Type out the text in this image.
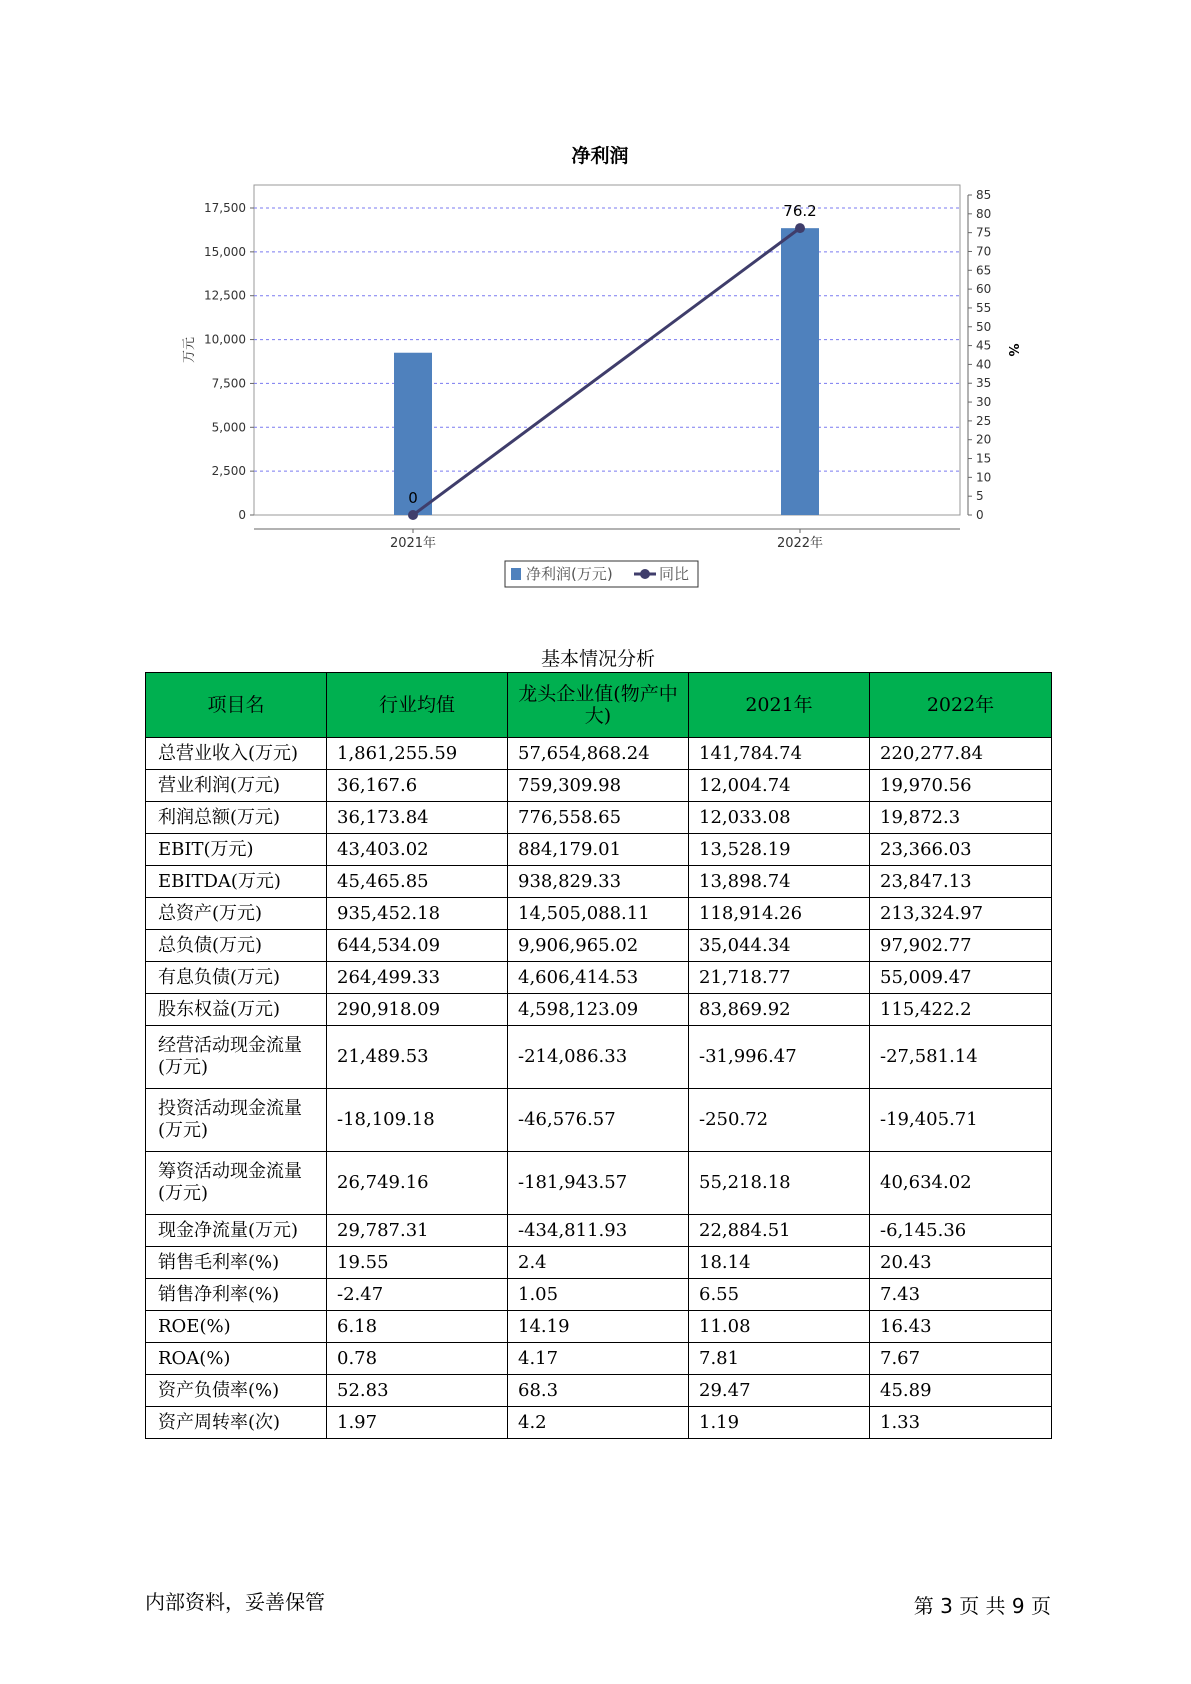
净利润
0
2,500
5,000
7,500
10,000
12,500
15,000
17,500
0
5
10
15
20
25
30
35
40
45
50
55
60
65
70
75
80
85
万元	%
2021年	2022年
0
76.2
净利润(万元)	同比
基本情况分析
项目名	行业均值	龙头企业值(物产中大)	2021年	2022年
总营业收入(万元)	1,861,255.59	57,654,868.24	141,784.74	220,277.84
营业利润(万元)	36,167.6	759,309.98	12,004.74	19,970.56
利润总额(万元)	36,173.84	776,558.65	12,033.08	19,872.3
EBIT(万元)	43,403.02	884,179.01	13,528.19	23,366.03
EBITDA(万元)	45,465.85	938,829.33	13,898.74	23,847.13
总资产(万元)	935,452.18	14,505,088.11	118,914.26	213,324.97
总负债(万元)	644,534.09	9,906,965.02	35,044.34	97,902.77
有息负债(万元)	264,499.33	4,606,414.53	21,718.77	55,009.47
股东权益(万元)	290,918.09	4,598,123.09	83,869.92	115,422.2
经营活动现金流量(万元)	21,489.53	-214,086.33	-31,996.47	-27,581.14
投资活动现金流量(万元)	-18,109.18	-46,576.57	-250.72	-19,405.71
筹资活动现金流量(万元)	26,749.16	-181,943.57	55,218.18	40,634.02
现金净流量(万元)	29,787.31	-434,811.93	22,884.51	-6,145.36
销售毛利率(%)	19.55	2.4	18.14	20.43
销售净利率(%)	-2.47	1.05	6.55	7.43
ROE(%)	6.18	14.19	11.08	16.43
ROA(%)	0.78	4.17	7.81	7.67
资产负债率(%)	52.83	68.3	29.47	45.89
资产周转率(次)	1.97	4.2	1.19	1.33
内部资料，妥善保管	第 3 页 共 9 页
